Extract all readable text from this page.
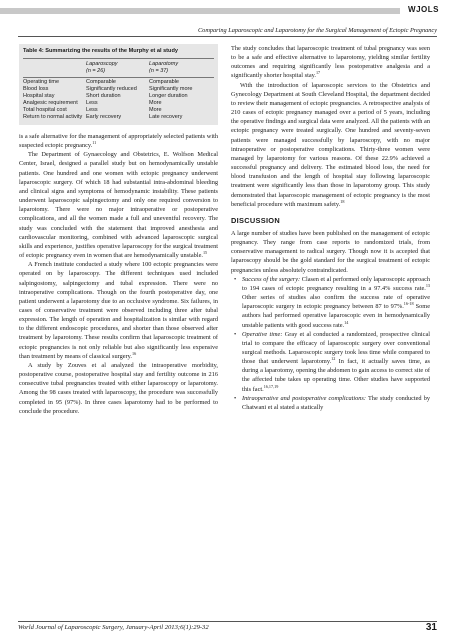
WJOLS
Comparing Laparoscopic and Laparotomy for the Surgical Management of Ectopic Pregnancy
Table 4: Summarizing the results of the Murphy et al study
	Laparoscopy	Laparotomy
	(n = 26)	(n = 37)
Operating time	Comparable	Comparable
Blood loss	Significantly reduced	Significantly more
Hospital stay	Short duration	Longer duration
Analgesic requirement	Less	More
Total hospital cost	Less	More
Return to normal activity	Early recovery	Late recovery

is a safe alternative for the management of appropriately selected patients with suspected ectopic pregnancy.$^{11}$

The Department of Gynaecology and Obstetrics, E. Wolfson Medical Center, Israel, designed a parallel study but on hemodynamically unstable patients. One hundred and one women with ectopic pregnancy underwent laparoscopic surgery. Of which 18 had substantial intra-abdominal bleeding and clinical signs and symptoms of hemodynamic instability. These patients underwent laparoscopic salpingectomy and only one required conversion to laparotomy. There were no major intraoperative or postoperative complications, and all the women made a full and uneventful recovery. The study was concluded with the statement that improved anesthesia and cardiovascular monitoring, combined with advanced laparoscopic surgical skills and experience, justifies operative laparoscopy for the surgical treatment of ectopic pregnancy even in women that are hemodynamically unstable.$^{15}$

A French institute conducted a study where 100 ectopic pregnancies were operated on by laparoscopy. The different techniques used included salpingostomy, salpingectomy and tubal expression. There were no intraoperative complications. Though on the fourth postoperative day, one patient underwent a laparotomy due to an occlusive syndrome. Six failures, in cases of conservative treatment were observed including three after tubal expression. The length of operation and hospitalization is similar with regard to the different endoscopic procedures, and shorter than those observed after treatment by laparotomy. These results confirm that laparoscopic treatment of ectopic pregnancies is not only reliable but also significantly less expensive than treatment by means of classical surgery.$^{16}$

A study by Zouves et al analyzed the intraoperative morbidity, postoperative course, postoperative hospital stay and fertility outcome in 216 consecutive tubal pregnancies treated with either laparoscopy or laparotomy. Among the 98 cases treated with laparoscopy, the procedure was successfully completed in 95 (97%). In three cases laparotomy had to be performed to conclude the procedure.

The study concludes that laparoscopic treatment of tubal pregnancy was seen to be a safe and effective alternative to laparotomy, yielding similar fertility outcomes and requiring significantly less postoperative analgesia and a significantly shorter hospital stay.$^{17}$

With the introduction of laparoscopic services to the Obstetrics and Gynecology Department at South Cleveland Hospital, the department decided to review their management of ectopic pregnancies. A retrospective analysis of 210 cases of ectopic pregnancy managed over a period of 5 years, including the operative findings and surgical data were analyzed. All the patients with an ectopic pregnancy were treated surgically. One hundred and seventy-seven patients were managed successfully by laparoscopy, with no major intraoperative or postoperative complications. Thirty-three women were managed by laparotomy for various reasons. Of these 22.9% achieved a successful pregnancy and delivery. The estimated blood loss, the need for blood transfusion and the length of hospital stay following laparoscopic treatment were significantly less than those in laparotomy group. This study demonstrated that laparoscopic management of ectopic pregnancy is the most beneficial procedure with maximum safety.$^{18}$

DISCUSSION

A large number of studies have been published on the management of ectopic pregnancy. They range from case reports to randomized trials, from conservative management to radical surgery. Though now it is accepted that laparoscopy should be the gold standard for the surgical treatment of ectopic pregnancies unless absolutely contraindicated.

• Success of the surgery: Clasen et al performed only laparoscopic approach to 194 cases of ectopic pregnancy resulting in a 97.4% success rate.$^{13}$ Other series of studies also confirm the success rate of operative laparoscopic surgery in ectopic pregnancy between 87 to 97%.$^{16-18}$ Some authors had performed operative laparoscopic even in hemodynamically unstable patients with good success rate.$^{14}$
• Operative time: Gray et al conducted a randomized, prospective clinical trial to compare the efficacy of laparoscopic surgery over conventional surgical methods. Laparoscopic surgery took less time while compared to those that underwent laparotomy.$^{12}$ In fact, it actually saves time, as during a laparotomy, opening the abdomen to gain access to correct site of the affected tube takes up operating time. Other studies have supported this fact.$^{16,17,19}$
• Intraoperative and postoperative complications: The study conducted by Chatwani et al stated a statically
World Journal of Laparoscopic Surgery, January-April 2013;6(1):29-32	31
